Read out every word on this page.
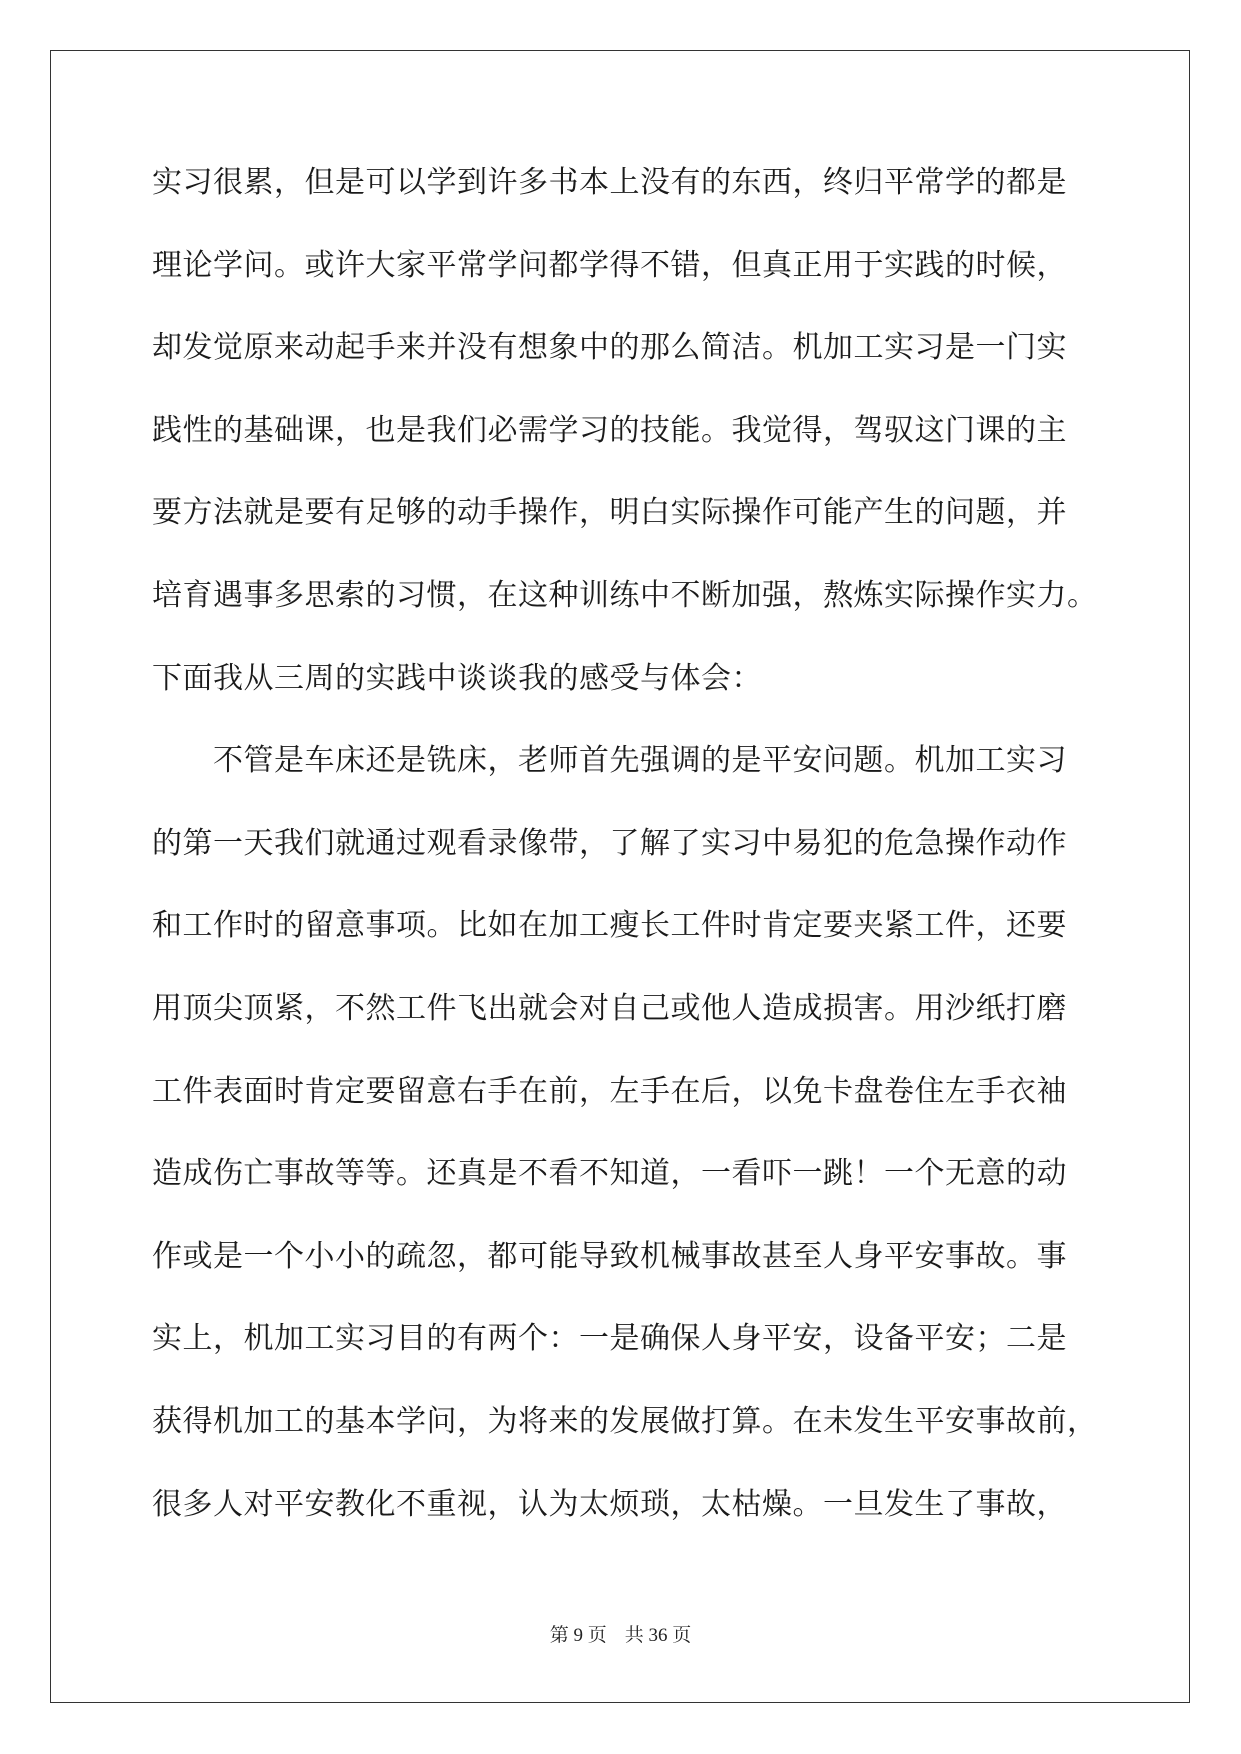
实习很累，但是可以学到许多书本上没有的东西，终归平常学的都是
理论学问。或许大家平常学问都学得不错，但真正用于实践的时候，
却发觉原来动起手来并没有想象中的那么简洁。机加工实习是一门实
践性的基础课，也是我们必需学习的技能。我觉得，驾驭这门课的主
要方法就是要有足够的动手操作，明白实际操作可能产生的问题，并
培育遇事多思索的习惯，在这种训练中不断加强，熬炼实际操作实力。
下面我从三周的实践中谈谈我的感受与体会：
　　不管是车床还是铣床，老师首先强调的是平安问题。机加工实习
的第一天我们就通过观看录像带，了解了实习中易犯的危急操作动作
和工作时的留意事项。比如在加工瘦长工件时肯定要夹紧工件，还要
用顶尖顶紧，不然工件飞出就会对自己或他人造成损害。用沙纸打磨
工件表面时肯定要留意右手在前，左手在后，以免卡盘卷住左手衣袖
造成伤亡事故等等。还真是不看不知道，一看吓一跳！一个无意的动
作或是一个小小的疏忽，都可能导致机械事故甚至人身平安事故。事
实上，机加工实习目的有两个：一是确保人身平安，设备平安；二是
获得机加工的基本学问，为将来的发展做打算。在未发生平安事故前，
很多人对平安教化不重视，认为太烦琐，太枯燥。一旦发生了事故，
第 9 页 共 36 页
